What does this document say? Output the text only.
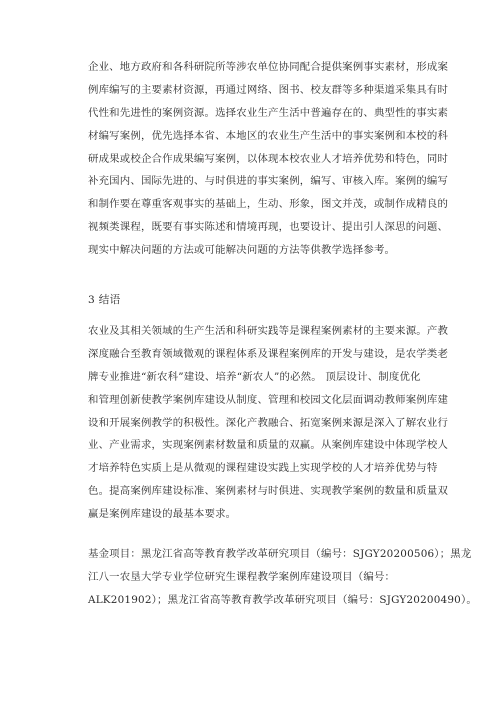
企业、地方政府和各科研院所等涉农单位协同配合提供案例事实素材，形成案
例库编写的主要素材资源，再通过网络、图书、校友群等多种渠道采集具有时
代性和先进性的案例资源。选择农业生产生活中普遍存在的、典型性的事实素
材编写案例，优先选择本省、本地区的农业生产生活中的事实案例和本校的科
研成果或校企合作成果编写案例，以体现本校农业人才培养优势和特色，同时
补充国内、国际先进的、与时俱进的事实案例，编写、审核入库。案例的编写
和制作要在尊重客观事实的基础上，生动、形象，图文并茂，或制作成精良的
视频类课程，既要有事实陈述和情境再现，也要设计、提出引人深思的问题、
现实中解决问题的方法或可能解决问题的方法等供教学选择参考。
3 结语
农业及其相关领域的生产生活和科研实践等是课程案例素材的主要来源。产教
深度融合至教育领域微观的课程体系及课程案例库的开发与建设，是农学类老
牌专业推进“新农科”建设、培养“新农人”的必然。 顶层设计、制度优化
和管理创新使教学案例库建设从制度、管理和校园文化层面调动教师案例库建
设和开展案例教学的积极性。深化产教融合、拓宽案例来源是深入了解农业行
业、产业需求，实现案例素材数量和质量的双赢。从案例库建设中体现学校人
才培养特色实质上是从微观的课程建设实践上实现学校的人才培养优势与特
色。提高案例库建设标准、案例素材与时俱进、实现教学案例的数量和质量双
赢是案例库建设的最基本要求。
基金项目：黑龙江省高等教育教学改革研究项目（编号：SJGY20200506）；黑龙
江八一农垦大学专业学位研究生课程教学案例库建设项目（编号：
ALK201902）；黑龙江省高等教育教学改革研究项目（编号：SJGY20200490）。
